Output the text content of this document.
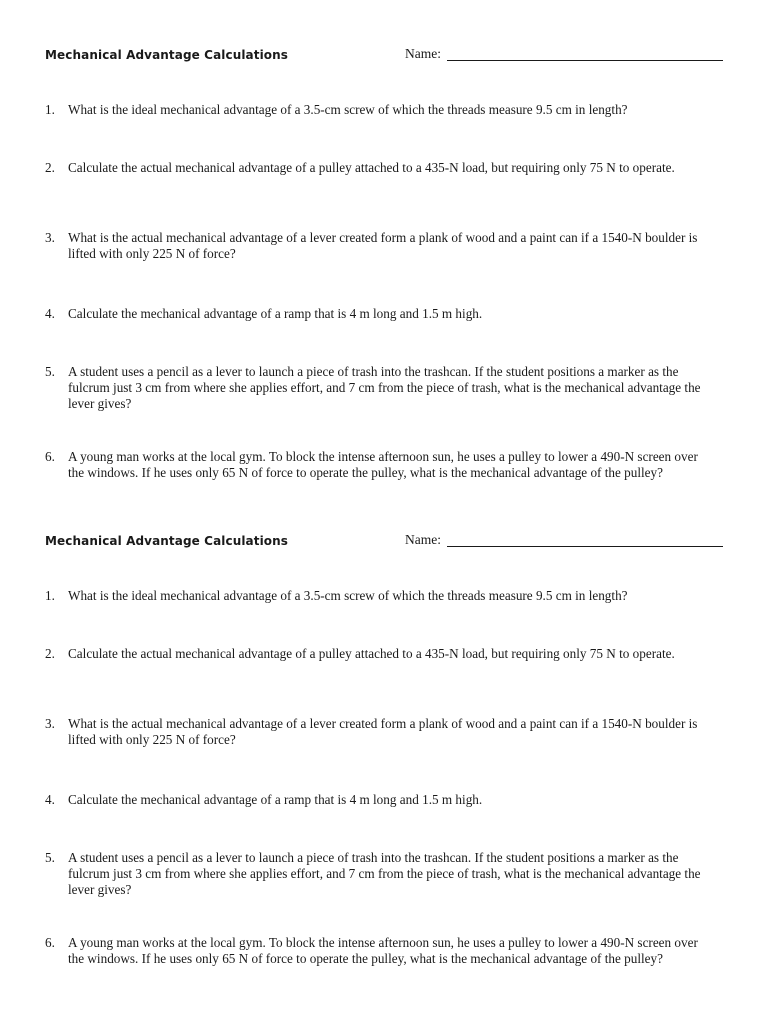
Mechanical Advantage Calculations	Name:
1. What is the ideal mechanical advantage of a 3.5-cm screw of which the threads measure 9.5 cm in length?
2. Calculate the actual mechanical advantage of a pulley attached to a 435-N load, but requiring only 75 N to operate.
3. What is the actual mechanical advantage of a lever created form a plank of wood and a paint can if a 1540-N boulder is lifted with only 225 N of force?
4. Calculate the mechanical advantage of a ramp that is 4 m long and 1.5 m high.
5. A student uses a pencil as a lever to launch a piece of trash into the trashcan. If the student positions a marker as the fulcrum just 3 cm from where she applies effort, and 7 cm from the piece of trash, what is the mechanical advantage the lever gives?
6. A young man works at the local gym. To block the intense afternoon sun, he uses a pulley to lower a 490-N screen over the windows. If he uses only 65 N of force to operate the pulley, what is the mechanical advantage of the pulley?
Mechanical Advantage Calculations	Name:
1. What is the ideal mechanical advantage of a 3.5-cm screw of which the threads measure 9.5 cm in length?
2. Calculate the actual mechanical advantage of a pulley attached to a 435-N load, but requiring only 75 N to operate.
3. What is the actual mechanical advantage of a lever created form a plank of wood and a paint can if a 1540-N boulder is lifted with only 225 N of force?
4. Calculate the mechanical advantage of a ramp that is 4 m long and 1.5 m high.
5. A student uses a pencil as a lever to launch a piece of trash into the trashcan. If the student positions a marker as the fulcrum just 3 cm from where she applies effort, and 7 cm from the piece of trash, what is the mechanical advantage the lever gives?
6. A young man works at the local gym. To block the intense afternoon sun, he uses a pulley to lower a 490-N screen over the windows. If he uses only 65 N of force to operate the pulley, what is the mechanical advantage of the pulley?
